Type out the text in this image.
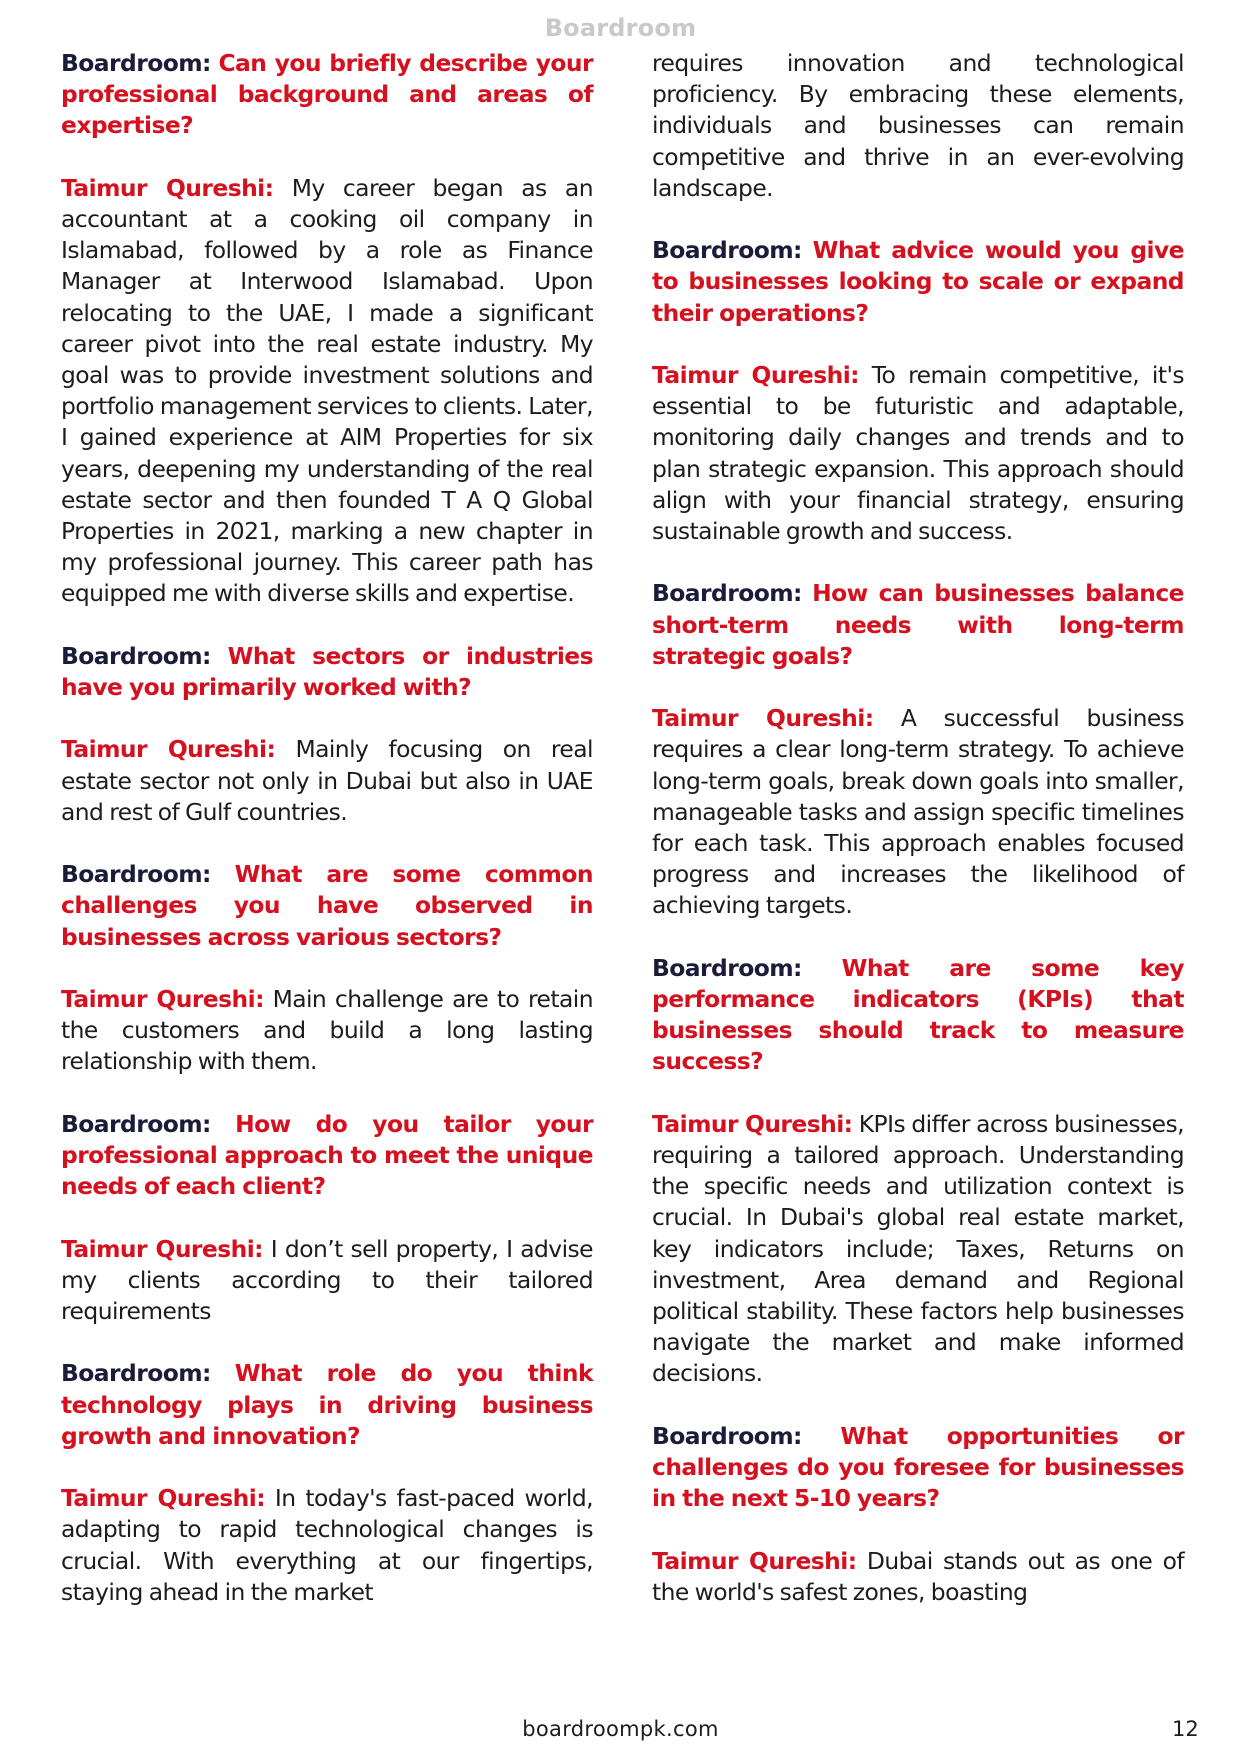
Boardroom

Boardroom: Can you briefly describe your professional background and areas of expertise?

Taimur Qureshi: My career began as an accountant at a cooking oil company in Islamabad, followed by a role as Finance Manager at Interwood Islamabad. Upon relocating to the UAE, I made a significant career pivot into the real estate industry. My goal was to provide investment solutions and portfolio management services to clients. Later, I gained experience at AIM Properties for six years, deepening my understanding of the real estate sector and then founded T A Q Global Properties in 2021, marking a new chapter in my professional journey. This career path has equipped me with diverse skills and expertise.

Boardroom: What sectors or industries have you primarily worked with?

Taimur Qureshi: Mainly focusing on real estate sector not only in Dubai but also in UAE and rest of Gulf countries.

Boardroom: What are some common challenges you have observed in businesses across various sectors?

Taimur Qureshi: Main challenge are to retain the customers and build a long lasting relationship with them.

Boardroom: How do you tailor your professional approach to meet the unique needs of each client?

Taimur Qureshi: I don’t sell property, I advise my clients according to their tailored requirements

Boardroom: What role do you think technology plays in driving business growth and innovation?

Taimur Qureshi: In today's fast-paced world, adapting to rapid technological changes is crucial. With everything at our fingertips, staying ahead in the market

requires innovation and technological proficiency. By embracing these elements, individuals and businesses can remain competitive and thrive in an ever-evolving landscape.

Boardroom: What advice would you give to businesses looking to scale or expand their operations?

Taimur Qureshi: To remain competitive, it's essential to be futuristic and adaptable, monitoring daily changes and trends and to plan strategic expansion. This approach should align with your financial strategy, ensuring sustainable growth and success.

Boardroom: How can businesses balance short-term needs with long-term strategic goals?

Taimur Qureshi: A successful business requires a clear long-term strategy. To achieve long-term goals, break down goals into smaller, manageable tasks and assign specific timelines for each task. This approach enables focused progress and increases the likelihood of achieving targets.

Boardroom: What are some key performance indicators (KPIs) that businesses should track to measure success?

Taimur Qureshi: KPIs differ across businesses, requiring a tailored approach. Understanding the specific needs and utilization context is crucial. In Dubai's global real estate market, key indicators include; Taxes, Returns on investment, Area demand and Regional political stability. These factors help businesses navigate the market and make informed decisions.

Boardroom: What opportunities or challenges do you foresee for businesses in the next 5-10 years?

Taimur Qureshi: Dubai stands out as one of the world's safest zones, boasting

boardroompk.com	12
